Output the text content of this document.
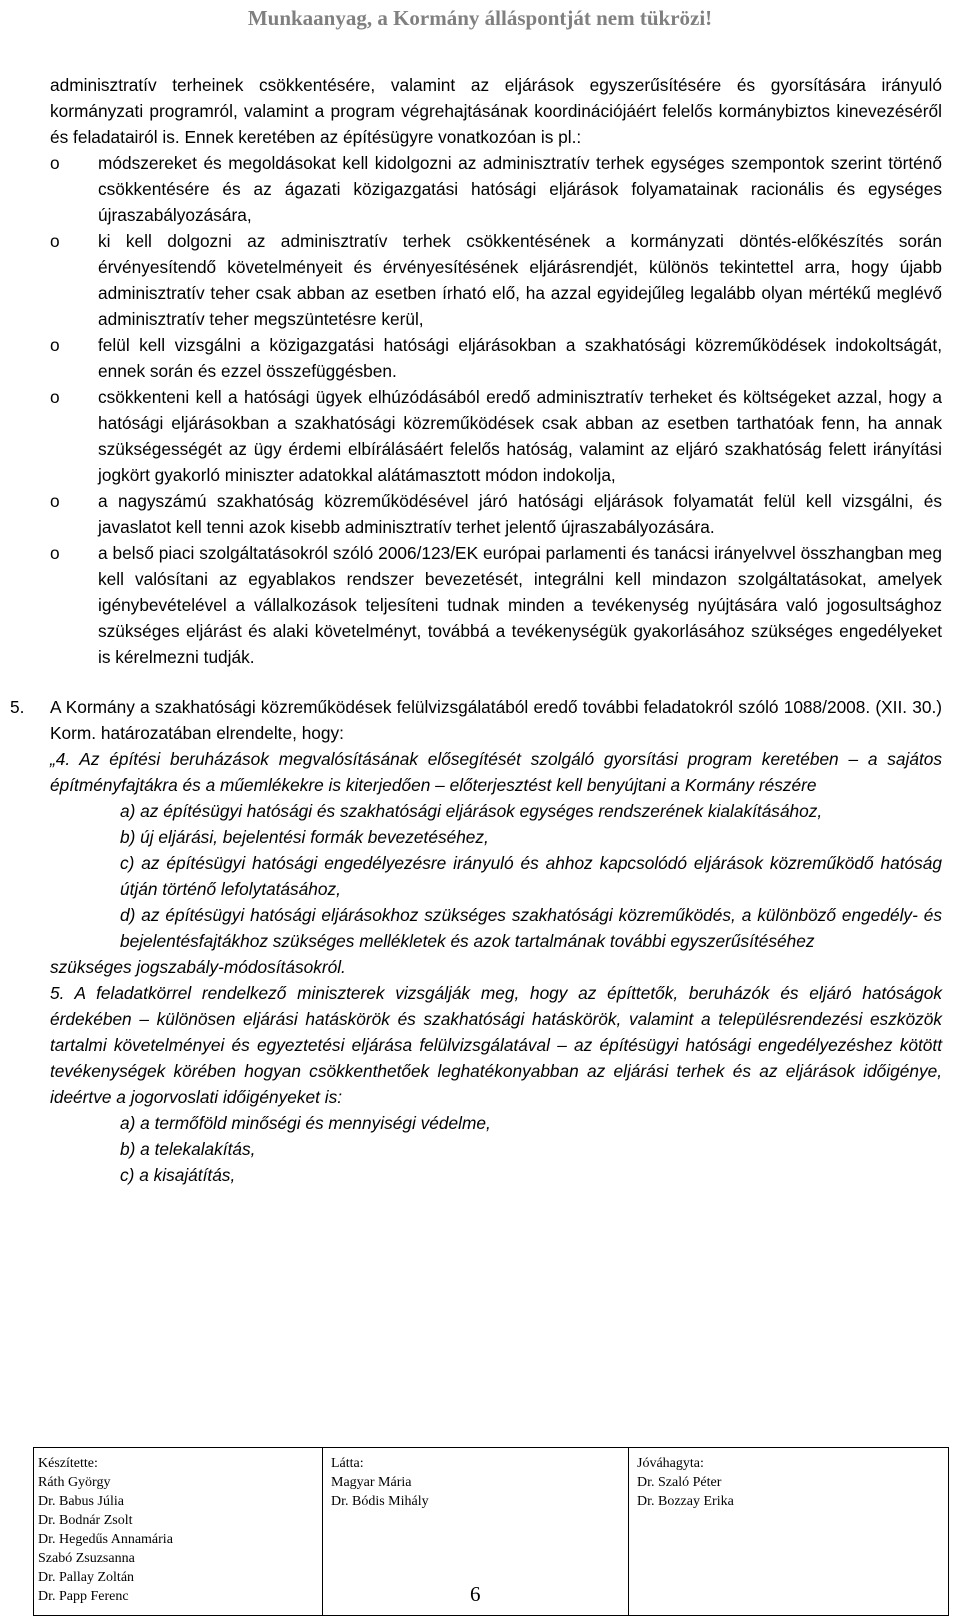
Munkaanyag, a Kormány álláspontját nem tükrözi!
adminisztratív terheinek csökkentésére, valamint az eljárások egyszerűsítésére és gyorsítására irányuló kormányzati programról, valamint a program végrehajtásának koordinációjáért felelős kormánybiztos kinevezéséről és feladatairól is. Ennek keretében az építésügyre vonatkozóan is pl.:
o módszereket és megoldásokat kell kidolgozni az adminisztratív terhek egységes szempontok szerint történő csökkentésére és az ágazati közigazgatási hatósági eljárások folyamatainak racionális és egységes újraszabályozására,
o ki kell dolgozni az adminisztratív terhek csökkentésének a kormányzati döntés-előkészítés során érvényesítendő követelményeit és érvényesítésének eljárásrendjét, különös tekintettel arra, hogy újabb adminisztratív teher csak abban az esetben írható elő, ha azzal egyidejűleg legalább olyan mértékű meglévő adminisztratív teher megszüntetésre kerül,
o felül kell vizsgálni a közigazgatási hatósági eljárásokban a szakhatósági közreműködések indokoltságát, ennek során és ezzel összefüggésben.
o csökkenteni kell a hatósági ügyek elhúzódásából eredő adminisztratív terheket és költségeket azzal, hogy a hatósági eljárásokban a szakhatósági közreműködések csak abban az esetben tarthatóak fenn, ha annak szükségességét az ügy érdemi elbírálásáért felelős hatóság, valamint az eljáró szakhatóság felett irányítási jogkört gyakorló miniszter adatokkal alátámasztott módon indokolja,
o a nagyszámú szakhatóság közreműködésével járó hatósági eljárások folyamatát felül kell vizsgálni, és javaslatot kell tenni azok kisebb adminisztratív terhet jelentő újraszabályozására.
o a belső piaci szolgáltatásokról szóló 2006/123/EK európai parlamenti és tanácsi irányelvvel összhangban meg kell valósítani az egyablakos rendszer bevezetését, integrálni kell mindazon szolgáltatásokat, amelyek igénybevételével a vállalkozások teljesíteni tudnak minden a tevékenység nyújtására való jogosultsághoz szükséges eljárást és alaki követelményt, továbbá a tevékenységük gyakorlásához szükséges engedélyeket is kérelmezni tudják.
5. A Kormány a szakhatósági közreműködések felülvizsgálatából eredő további feladatokról szóló 1088/2008. (XII. 30.) Korm. határozatában elrendelte, hogy:
„4. Az építési beruházások megvalósításának elősegítését szolgáló gyorsítási program keretében – a sajátos építményfajtákra és a műemlékekre is kiterjedően – előterjesztést kell benyújtani a Kormány részére
a) az építésügyi hatósági és szakhatósági eljárások egységes rendszerének kialakításához,
b) új eljárási, bejelentési formák bevezetéséhez,
c) az építésügyi hatósági engedélyezésre irányuló és ahhoz kapcsolódó eljárások közreműködő hatóság útján történő lefolytatásához,
d) az építésügyi hatósági eljárásokhoz szükséges szakhatósági közreműködés, a különböző engedély- és bejelentésfajtákhoz szükséges mellékletek és azok tartalmának további egyszerűsítéséhez
szükséges jogszabály-módosításokról.
5. A feladatkörrel rendelkező miniszterek vizsgálják meg, hogy az építtetők, beruházók és eljáró hatóságok érdekében – különösen eljárási hatáskörök és szakhatósági hatáskörök, valamint a településrendezési eszközök tartalmi követelményei és egyeztetési eljárása felülvizsgálatával – az építésügyi hatósági engedélyezéshez kötött tevékenységek körében hogyan csökkenthetőek leghatékonyabban az eljárási terhek és az eljárások időigénye, ideértve a jogorvoslati időigényeket is:
a) a termőföld minőségi és mennyiségi védelme,
b) a telekalakítás,
c) a kisajátítás,
Készítette:
Ráth György
Dr. Babus Júlia
Dr. Bodnár Zsolt
Dr. Hegedűs Annamária
Szabó Zsuzsanna
Dr. Pallay Zoltán
Dr. Papp Ferenc
Látta:
Magyar Mária
Dr. Bódis Mihály
Jóváhagyta:
Dr. Szaló Péter
Dr. Bozzay Erika
6
